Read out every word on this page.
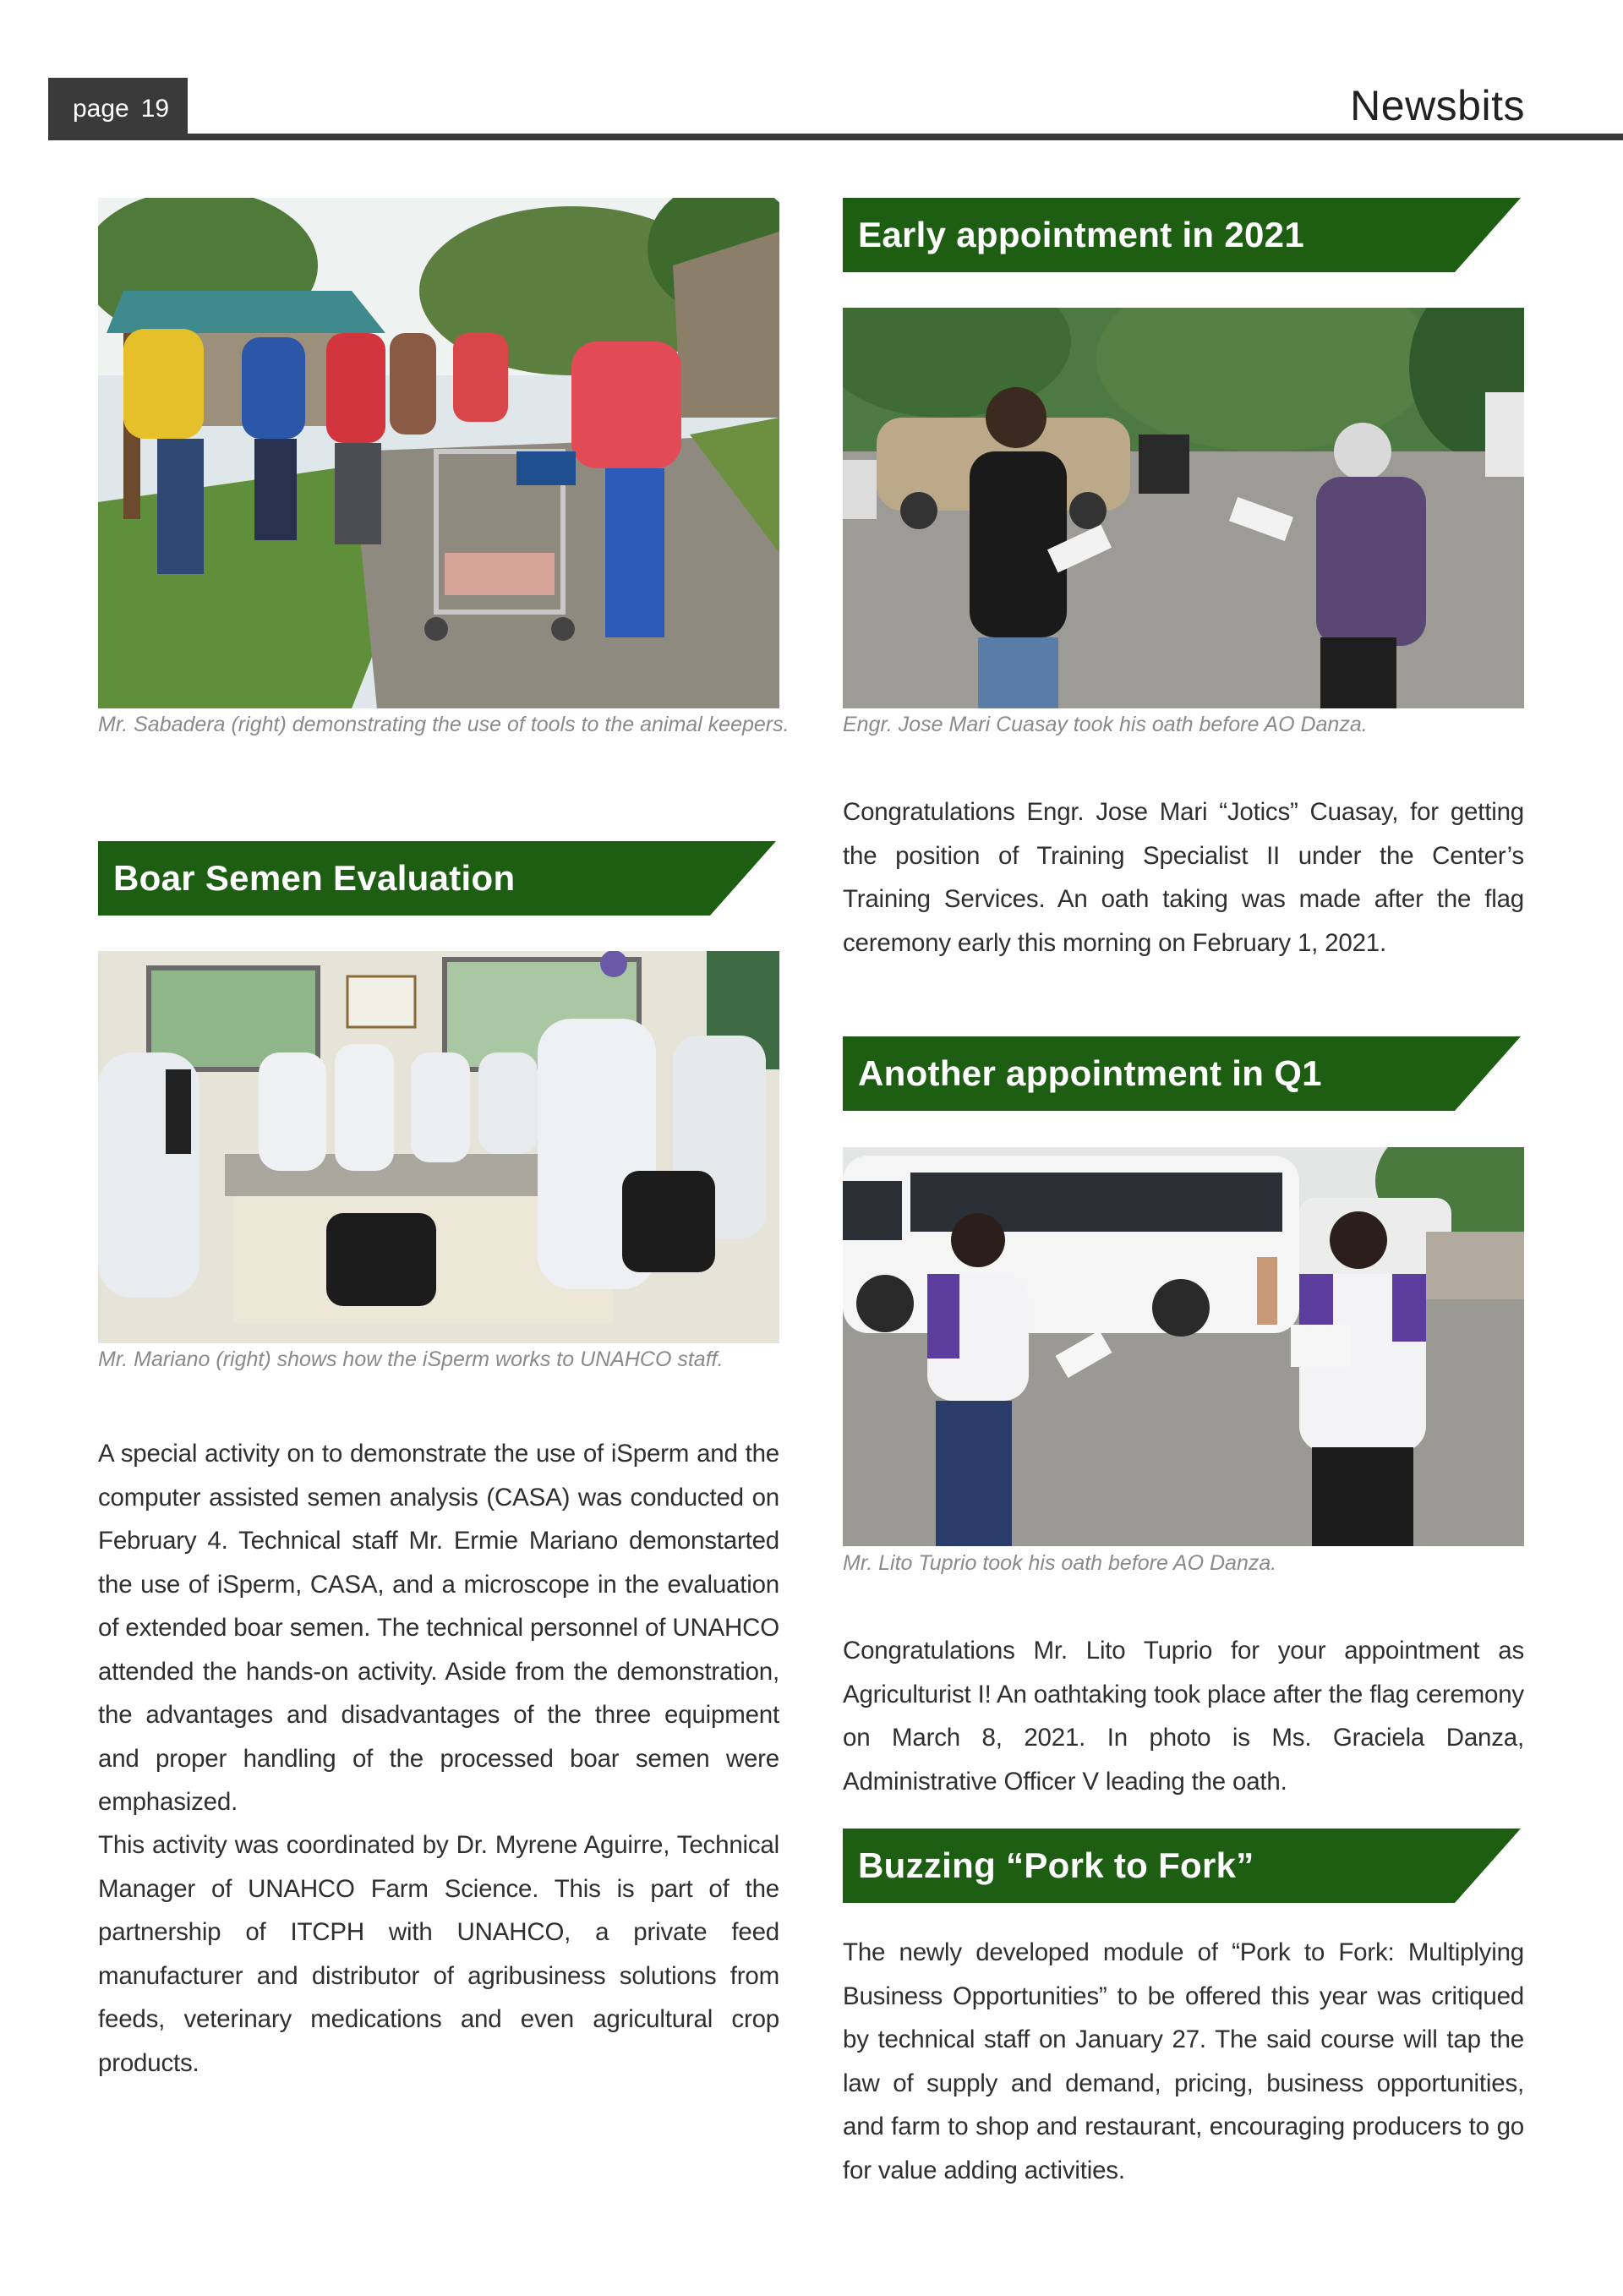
page 19	Newsbits
Mr. Sabadera (right) demonstrating the use of tools to the animal keepers.
Early appointment in 2021
Engr. Jose Mari Cuasay took his oath before AO Danza.
Congratulations Engr. Jose Mari “Jotics” Cuasay, for getting the position of Training Specialist II under the Center’s Training Services. An oath taking was made after the flag ceremony early this morning on February 1, 2021.
Boar Semen Evaluation
Mr. Mariano (right) shows how the iSperm works to UNAHCO staff.
A special activity on to demonstrate the use of iSperm and the computer assisted semen analysis (CASA) was conducted on February 4. Technical staff Mr. Ermie Mariano demonstarted the use of iSperm, CASA, and a microscope in the evaluation of extended boar semen. The technical personnel of UNAHCO attended the hands-on activity. Aside from the demonstration, the advantages and disadvantages of the three equipment and proper handling of the processed boar semen were emphasized.
This activity was coordinated by Dr. Myrene Aguirre, Technical Manager of UNAHCO Farm Science. This is part of the partnership of ITCPH with UNAHCO, a private feed manufacturer and distributor of agribusiness solutions from feeds, veterinary medications and even agricultural crop products.
Another appointment in Q1
Mr. Lito Tuprio took his oath before AO Danza.
Congratulations Mr. Lito Tuprio for your appointment as Agriculturist I! An oathtaking took place after the flag ceremony on March 8, 2021. In photo is Ms. Graciela Danza, Administrative Officer V leading the oath.
Buzzing “Pork to Fork”
The newly developed module of “Pork to Fork: Multiplying Business Opportunities” to be offered this year was critiqued by technical staff on January 27. The said course will tap the law of supply and demand, pricing, business opportunities, and farm to shop and restaurant, encouraging producers to go for value adding activities.
